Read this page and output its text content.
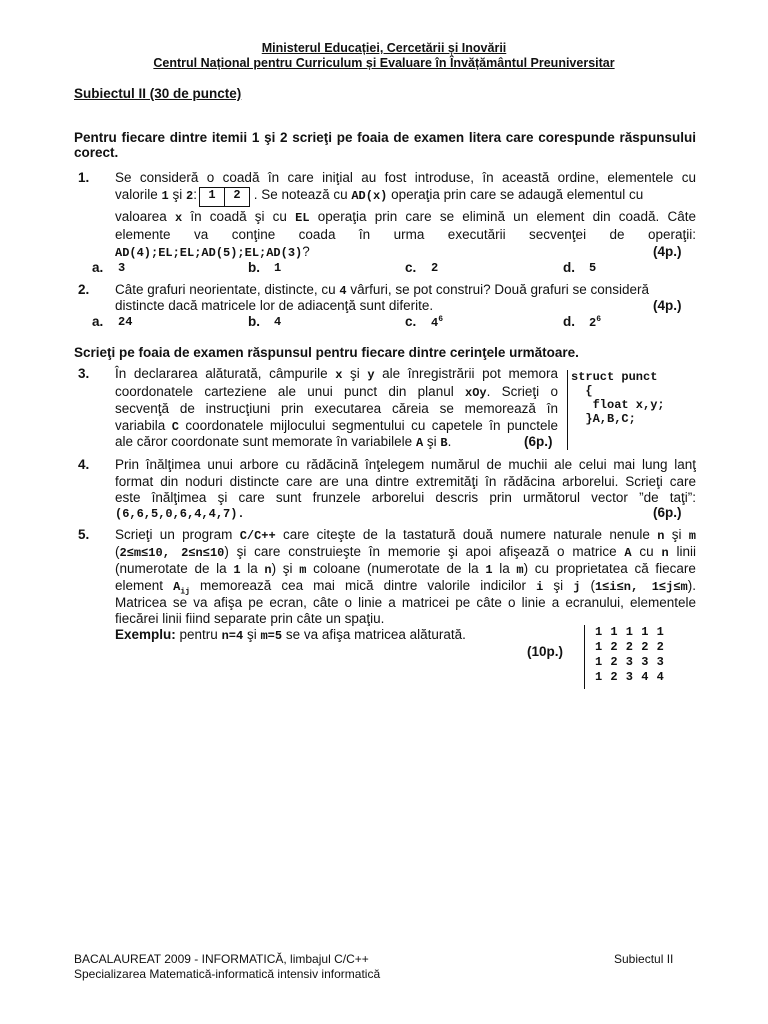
Ministerul Educației, Cercetării și Inovării
Centrul Național pentru Curriculum și Evaluare în Învățământul Preuniversitar
Subiectul II (30 de puncte)
Pentru fiecare dintre itemii 1 şi 2 scrieţi pe foaia de examen litera care corespunde răspunsului corect.
1. Se consideră o coadă în care iniţial au fost introduse, în această ordine, elementele cu
valorile 1 şi 2: 1 2 . Se notează cu AD(x) operaţia prin care se adaugă elementul cu
valoarea x în coadă şi cu EL operaţia prin care se elimină un element din coadă. Câte
elemente va conţine coada în urma executării secvenţei de operaţii:
AD(4);EL;EL;AD(5);EL;AD(3)?	(4p.)
a. 3	b. 1	c. 2	d. 5
2. Câte grafuri neorientate, distincte, cu 4 vârfuri, se pot construi? Două grafuri se consideră
distincte dacă matricele lor de adiacenţă sunt diferite.	(4p.)
a. 24	b. 4	c. $4^6$	d. $2^6$
Scrieţi pe foaia de examen răspunsul pentru fiecare dintre cerinţele următoare.
3. În declararea alăturată, câmpurile x şi y ale înregistrării pot memora
coordonatele carteziene ale unui punct din planul xOy. Scrieţi o
secvenţă de instrucţiuni prin executarea căreia se memorează în
variabila C coordonatele mijlocului segmentului cu capetele în punctele
ale căror coordonate sunt memorate în variabilele A şi B.	(6p.)
struct punct
{
float x,y;
}A,B,C;
4. Prin înălţimea unui arbore cu rădăcină înţelegem numărul de muchii ale celui mai lung lanţ
format din noduri distincte care are una dintre extremităţi în rădăcina arborelui. Scrieţi care
este înălţimea şi care sunt frunzele arborelui descris prin următorul vector ”de taţi”:
(6,6,5,0,6,4,4,7).	(6p.)
5. Scrieţi un program C/C++ care citeşte de la tastatură două numere naturale nenule n şi m
(2≤m≤10, 2≤n≤10) şi care construieşte în memorie şi apoi afişează o matrice A cu n linii
(numerotate de la 1 la n) şi m coloane (numerotate de la 1 la m) cu proprietatea că fiecare
element $A_{ij}$ memorează cea mai mică dintre valorile indicilor i şi j (1≤i≤n, 1≤j≤m).
Matricea se va afişa pe ecran, câte o linie a matricei pe câte o linie a ecranului, elementele
fiecărei linii fiind separate prin câte un spaţiu.
Exemplu: pentru n=4 şi m=5 se va afişa matricea alăturată.
(10p.)
1 1 1 1 1
1 2 2 2 2
1 2 3 3 3
1 2 3 4 4
BACALAUREAT 2009 - INFORMATICĂ, limbajul C/C++	Subiectul II
Specializarea Matematică-informatică intensiv informatică
